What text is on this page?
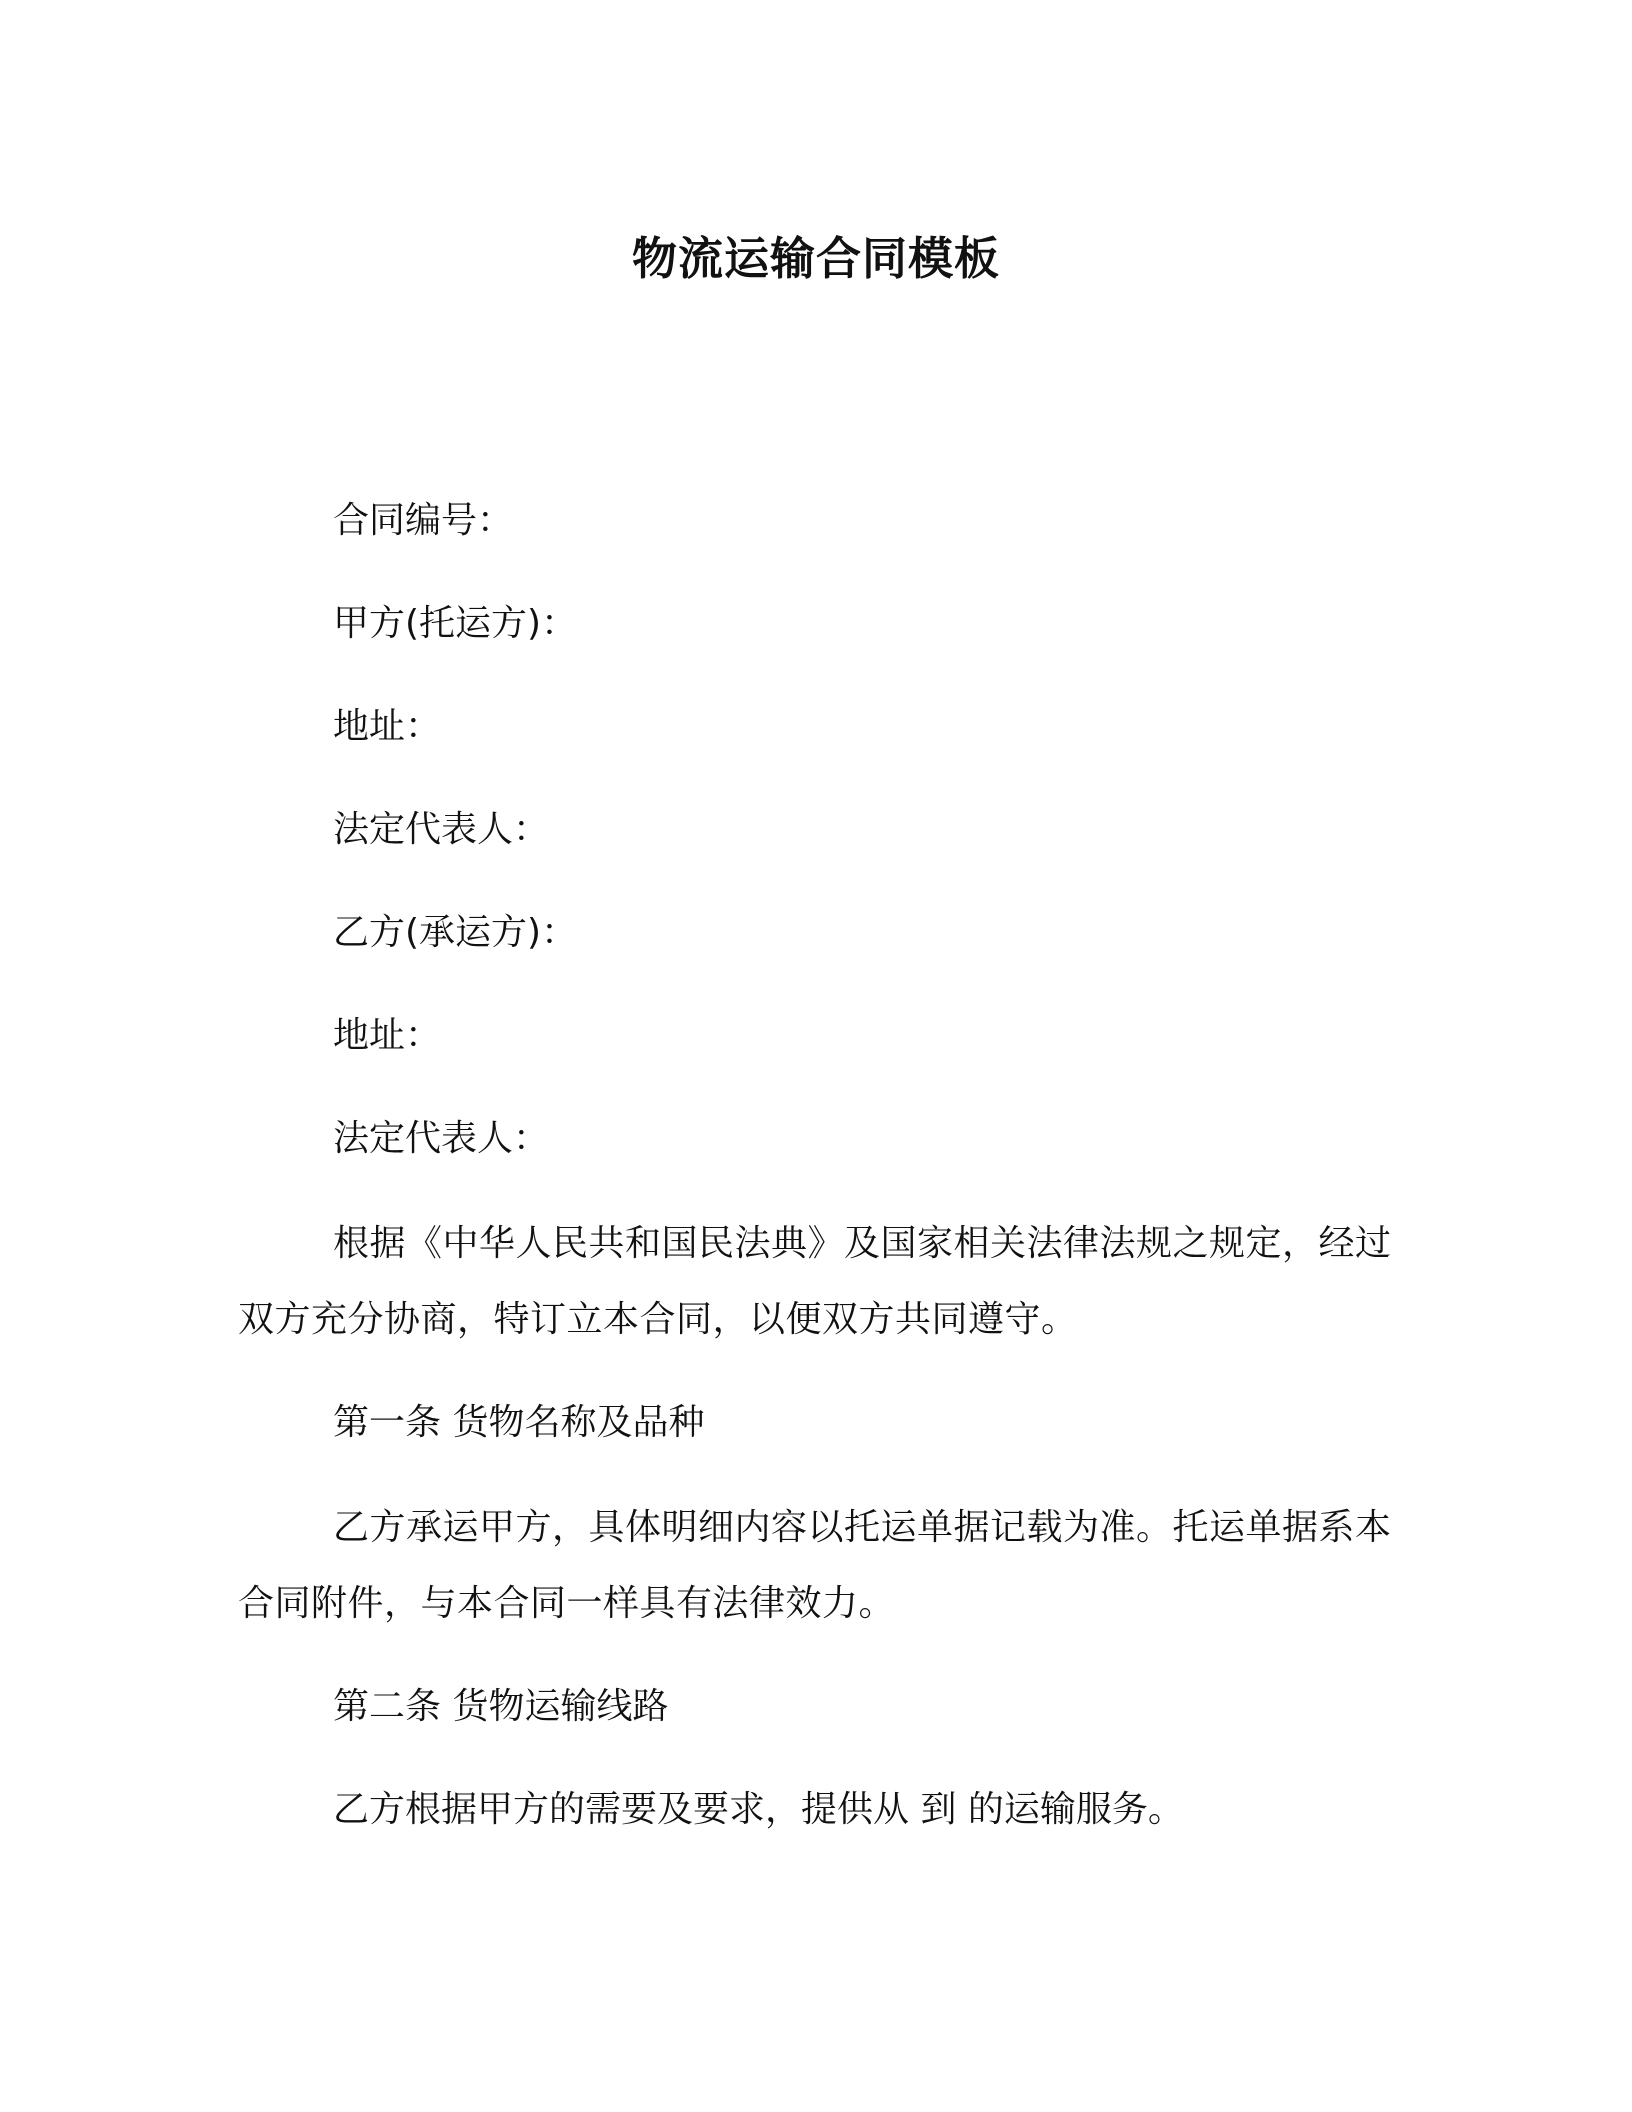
物流运输合同模板
合同编号：
甲方(托运方)：
地址：
法定代表人：
乙方(承运方)：
地址：
法定代表人：
根据《中华人民共和国民法典》及国家相关法律法规之规定，经过双方充分协商，特订立本合同，以便双方共同遵守。
第一条 货物名称及品种
乙方承运甲方，具体明细内容以托运单据记载为准。托运单据系本合同附件，与本合同一样具有法律效力。
第二条 货物运输线路
乙方根据甲方的需要及要求，提供从 到 的运输服务。
